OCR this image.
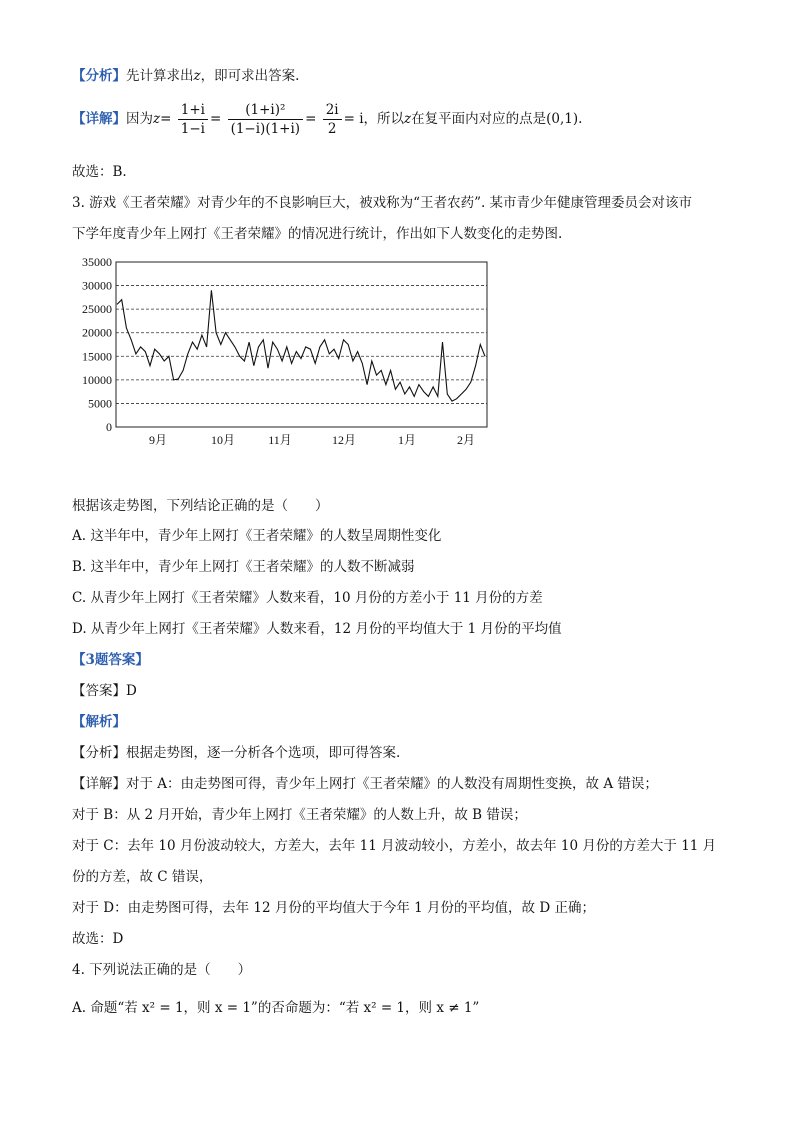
【分析】先计算求出z，即可求出答案.
【详解】因为$z= \frac{1+i}{1-i} = \frac{\text{(1+i)²}}{(1-i)(1+i)} = \frac{2i}{2} = i$，所以z在复平面内对应的点是(0,1).
故选：B.
3. 游戏《王者荣耀》对青少年的不良影响巨大，被戏称为“王者农药”. 某市青少年健康管理委员会对该市
下学年度青少年上网打《王者荣耀》的情况进行统计，作出如下人数变化的走势图.
35000
30000
25000
20000
15000
10000
5000
0
9月	10月	11月	12月	1月	2月
根据该走势图，下列结论正确的是（　　）
A. 这半年中，青少年上网打《王者荣耀》的人数呈周期性变化
B. 这半年中，青少年上网打《王者荣耀》的人数不断减弱
C. 从青少年上网打《王者荣耀》人数来看，10 月份的方差小于 11 月份的方差
D. 从青少年上网打《王者荣耀》人数来看，12 月份的平均值大于 1 月份的平均值
【3题答案】
【答案】D
【解析】
【分析】根据走势图，逐一分析各个选项，即可得答案.
【详解】对于 A：由走势图可得，青少年上网打《王者荣耀》的人数没有周期性变换，故 A 错误；
对于 B：从 2 月开始，青少年上网打《王者荣耀》的人数上升，故 B 错误；
对于 C：去年 10 月份波动较大，方差大，去年 11 月波动较小，方差小，故去年 10 月份的方差大于 11 月
份的方差，故 C 错误，
对于 D：由走势图可得，去年 12 月份的平均值大于今年 1 月份的平均值，故 D 正确；
故选：D
4. 下列说法正确的是（　　）
A. 命题“若 x² = 1，则 x = 1”的否命题为：“若 x² = 1，则 x ≠ 1”
